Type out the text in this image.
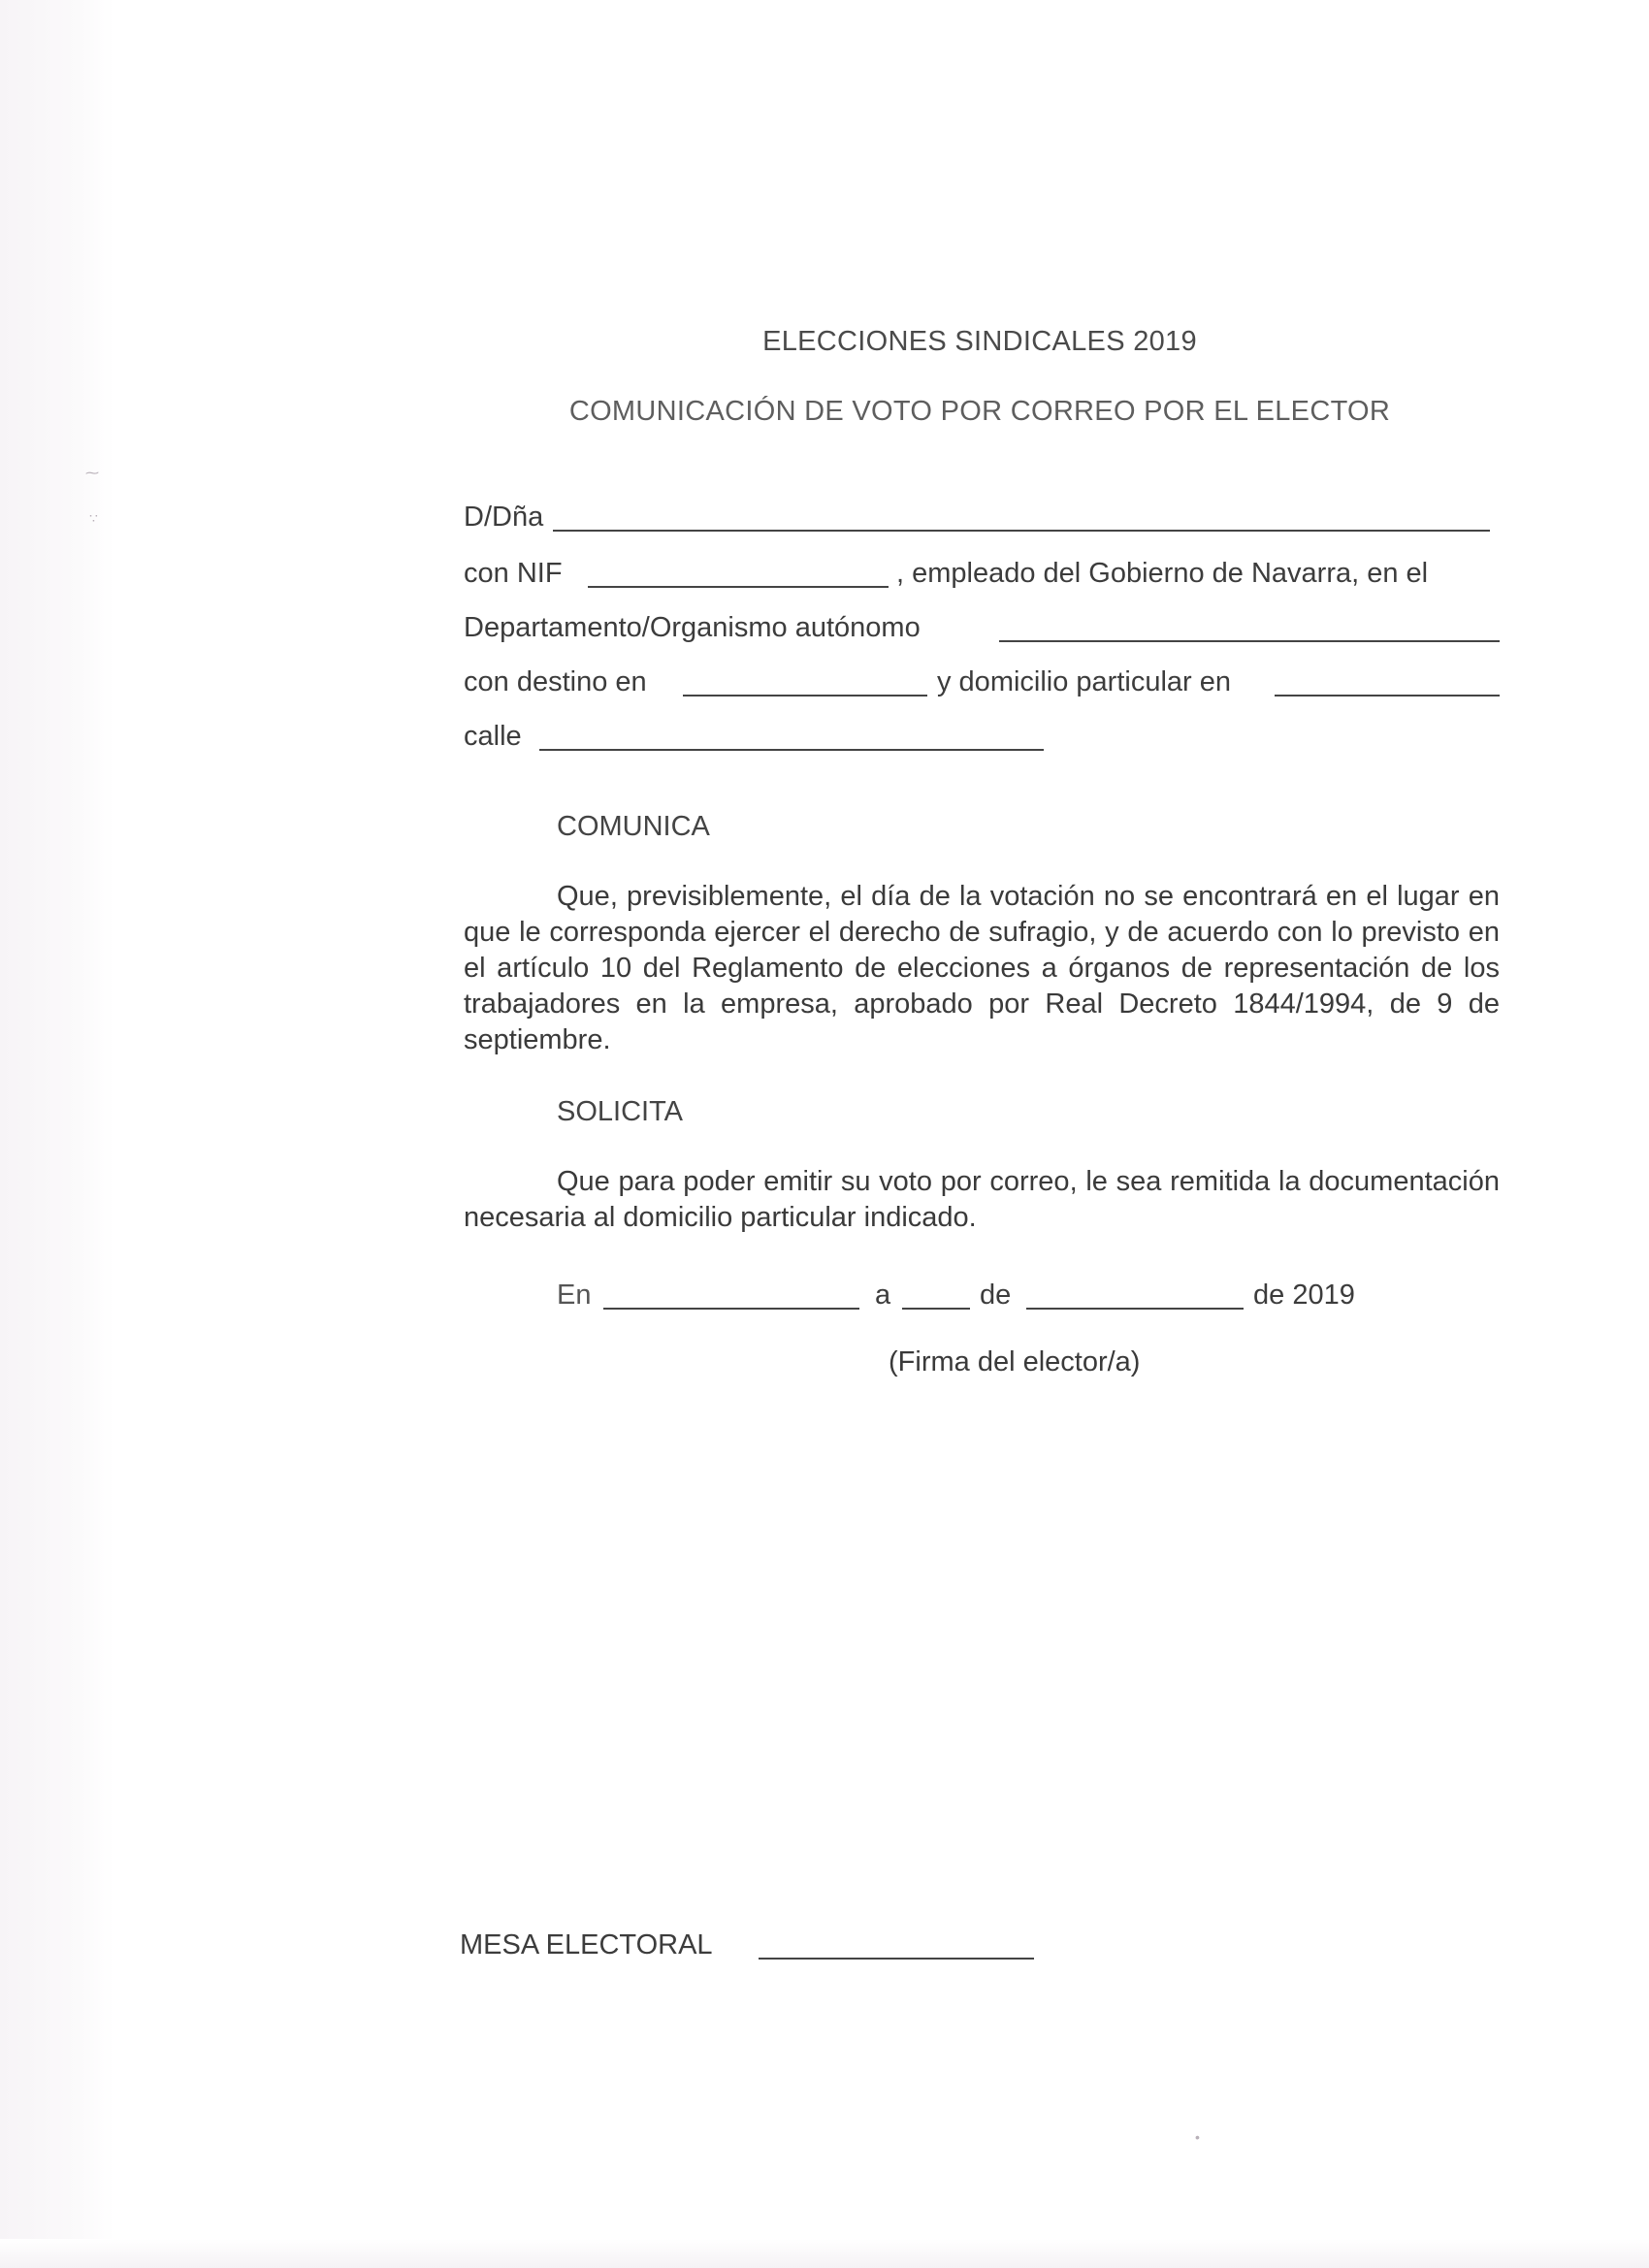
⁓
∵
•
ELECCIONES SINDICALES 2019
COMUNICACIÓN DE VOTO POR CORREO POR EL ELECTOR
D/Dña
con NIF	, empleado del Gobierno de Navarra, en el
Departamento/Organismo autónomo
con destino en	y domicilio particular en
calle
COMUNICA
Que, previsiblemente, el día de la votación no se encontrará en el lugar en que le corresponda ejercer el derecho de sufragio, y de acuerdo con lo previsto en el artículo 10 del Reglamento de elecciones a órganos de representación de los trabajadores en la empresa, aprobado por Real Decreto 1844/1994, de 9 de septiembre.
SOLICITA
Que para poder emitir su voto por correo, le sea remitida la documentación necesaria al domicilio particular indicado.
En	a	de	de 2019
(Firma del elector/a)
MESA ELECTORAL
